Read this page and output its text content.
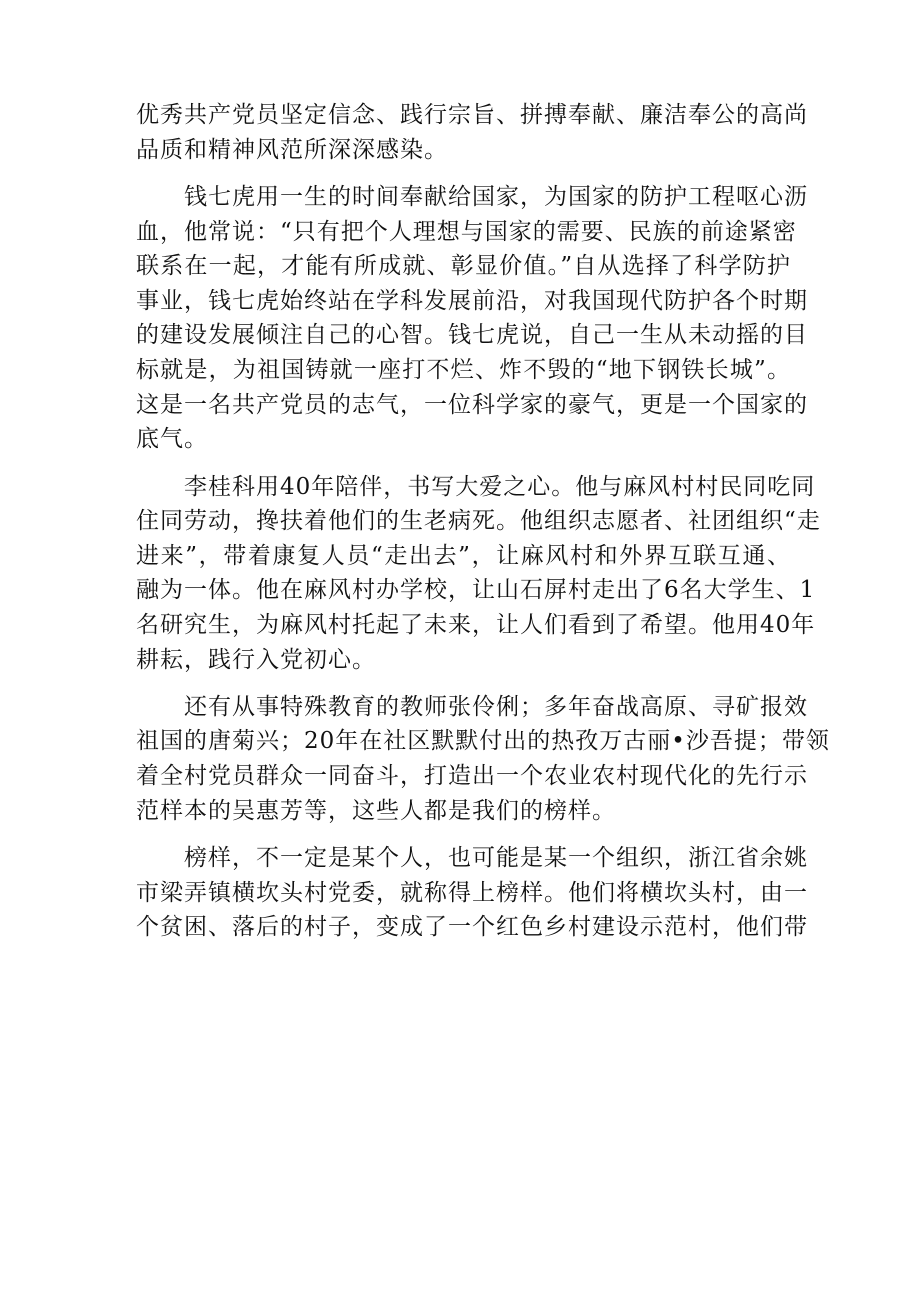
优秀共产党员坚定信念、践行宗旨、拼搏奉献、廉洁奉公的高尚
品质和精神风范所深深感染。
钱七虎用一生的时间奉献给国家，为国家的防护工程呕心沥
血，他常说：“只有把个人理想与国家的需要、民族的前途紧密
联系在一起，才能有所成就、彰显价值。”自从选择了科学防护
事业，钱七虎始终站在学科发展前沿，对我国现代防护各个时期
的建设发展倾注自己的心智。钱七虎说，自己一生从未动摇的目
标就是，为祖国铸就一座打不烂、炸不毁的“地下钢铁长城”。
这是一名共产党员的志气，一位科学家的豪气，更是一个国家的
底气。
李桂科用40年陪伴，书写大爱之心。他与麻风村村民同吃同
住同劳动，搀扶着他们的生老病死。他组织志愿者、社团组织“走
进来”，带着康复人员“走出去”，让麻风村和外界互联互通、
融为一体。他在麻风村办学校，让山石屏村走出了6名大学生、1
名研究生，为麻风村托起了未来，让人们看到了希望。他用40年
耕耘，践行入党初心。
还有从事特殊教育的教师张伶俐；多年奋战高原、寻矿报效
祖国的唐菊兴；20年在社区默默付出的热孜万古丽•沙吾提；带领
着全村党员群众一同奋斗，打造出一个农业农村现代化的先行示
范样本的吴惠芳等，这些人都是我们的榜样。
榜样，不一定是某个人，也可能是某一个组织，浙江省余姚
市梁弄镇横坎头村党委，就称得上榜样。他们将横坎头村，由一
个贫困、落后的村子，变成了一个红色乡村建设示范村，他们带
